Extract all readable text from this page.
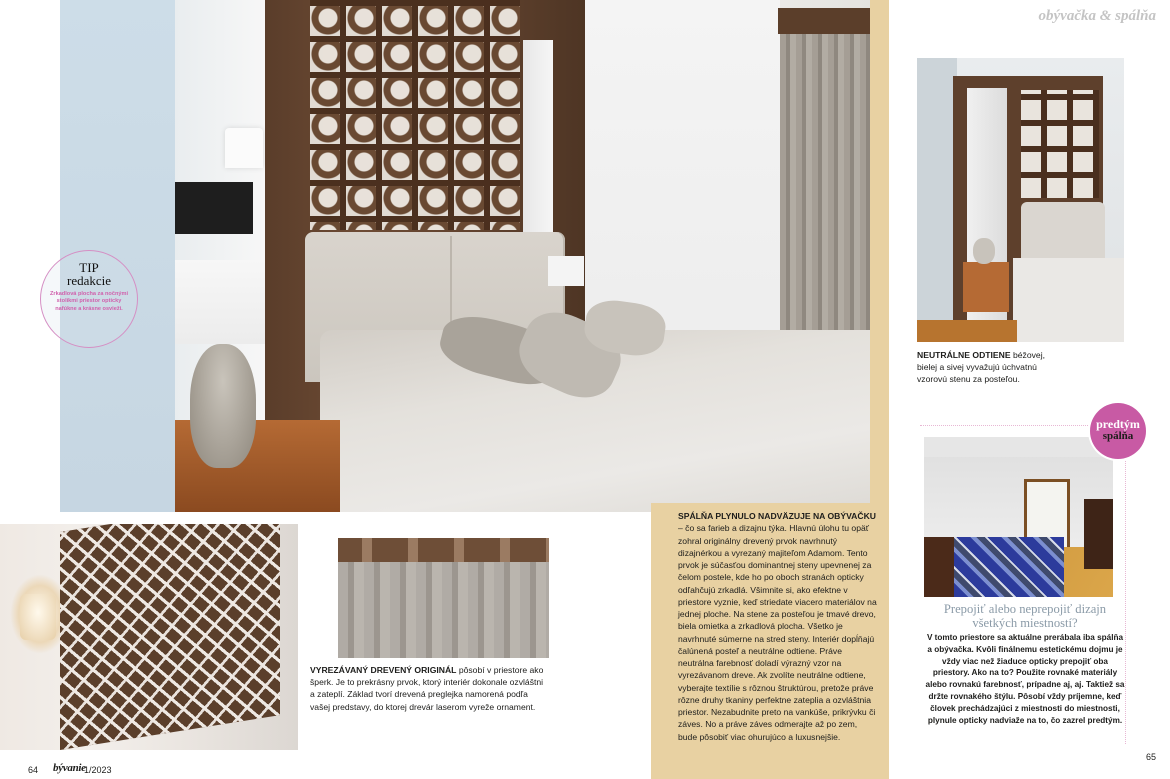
obývačka & spálňa
TIP
redakcie
Zrkadlová plocha za nočnými stolíkmi priestor opticky nafúkne a krásne osvieži.
VYREZÁVANÝ DREVENÝ ORIGINÁL pôsobí v priestore ako šperk. Je to prekrásny prvok, ktorý interiér dokonale ozvláštni a zateplí. Základ tvorí drevená preglejka namorená podľa vašej predstavy, do ktorej drevár laserom vyreže ornament.
SPÁLŇA PLYNULO NADVÄZUJE NA OBÝVAČKU – čo sa farieb a dizajnu týka. Hlavnú úlohu tu opäť zohral originálny drevený prvok navrhnutý dizajnérkou a vyrezaný majiteľom Adamom. Tento prvok je súčasťou dominantnej steny upevnenej za čelom postele, kde ho po oboch stranách opticky odľahčujú zrkadlá. Všimnite si, ako efektne v priestore vyznie, keď striedate viacero materiálov na jednej ploche. Na stene za posteľou je tmavé drevo, biela omietka a zrkadlová plocha. Všetko je navrhnuté súmerne na stred steny. Interiér dopĺňajú čalúnená posteľ a neutrálne odtiene. Práve neutrálna farebnosť doladí výrazný vzor na vyrezávanom dreve. Ak zvolíte neutrálne odtiene, vyberajte textílie s rôznou štruktúrou, pretože práve rôzne druhy tkaniny perfektne zateplia a ozvláštnia priestor. Nezabudnite preto na vankúše, prikrývku či záves. No a práve záves odmerajte až po zem, bude pôsobiť viac ohurujúco a luxusnejšie.
NEUTRÁLNE ODTIENE béžovej, bielej a sivej vyvažujú úchvatnú vzorovú stenu za posteľou.
predtým
spálňa
Prepojiť alebo neprepojiť dizajn všetkých miestností?
V tomto priestore sa aktuálne prerábala iba spálňa a obývačka. Kvôli finálnemu estetickému dojmu je vždy viac než žiaduce opticky prepojiť oba priestory. Ako na to? Použite rovnaké materiály alebo rovnakú farebnosť, prípadne aj, aj. Taktiež sa držte rovnakého štýlu. Pôsobí vždy príjemne, keď človek prechádzajúci z miestnosti do miestnosti, plynule opticky nadviaže na to, čo zazrel predtým.
64 bývanie
1/2023
65
